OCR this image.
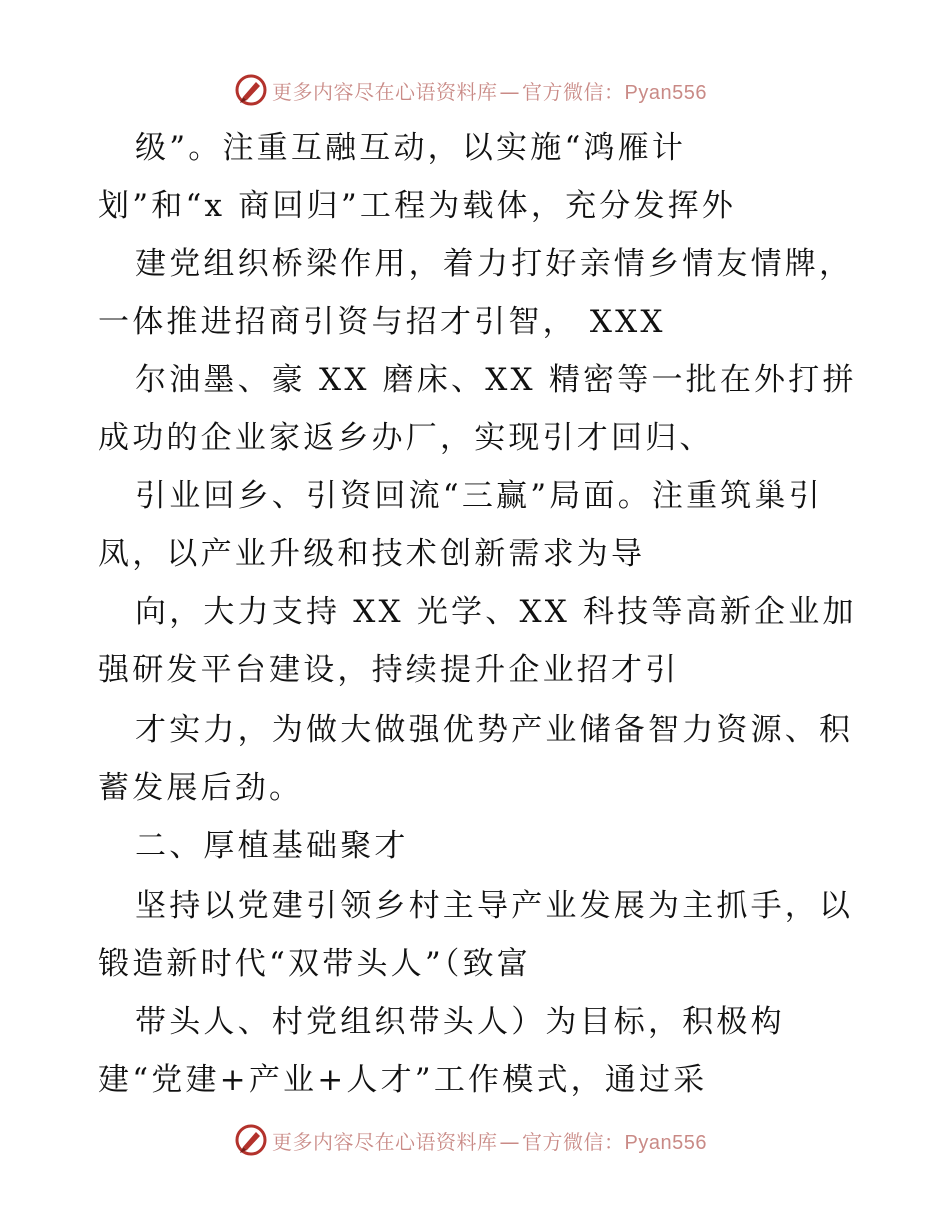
更多内容尽在心语资料库 — 官方微信：Pyan556
级”。注重互融互动，以实施“鸿雁计
划”和“x 商回归”工程为载体，充分发挥外
建党组织桥梁作用，着力打好亲情乡情友情牌，
一体推进招商引资与招才引智， XXX
尔油墨、豪 XX 磨床、XX 精密等一批在外打拼
成功的企业家返乡办厂，实现引才回归、
引业回乡、引资回流“三赢”局面。注重筑巢引
凤，以产业升级和技术创新需求为导
向，大力支持 XX 光学、XX 科技等高新企业加
强研发平台建设，持续提升企业招才引
才实力，为做大做强优势产业储备智力资源、积
蓄发展后劲。
二、厚植基础聚才
坚持以党建引领乡村主导产业发展为主抓手，以
锻造新时代“双带头人”（致富
带头人、村党组织带头人）为目标，积极构
建“党建+产业+人才”工作模式，通过采
更多内容尽在心语资料库 — 官方微信：Pyan556
